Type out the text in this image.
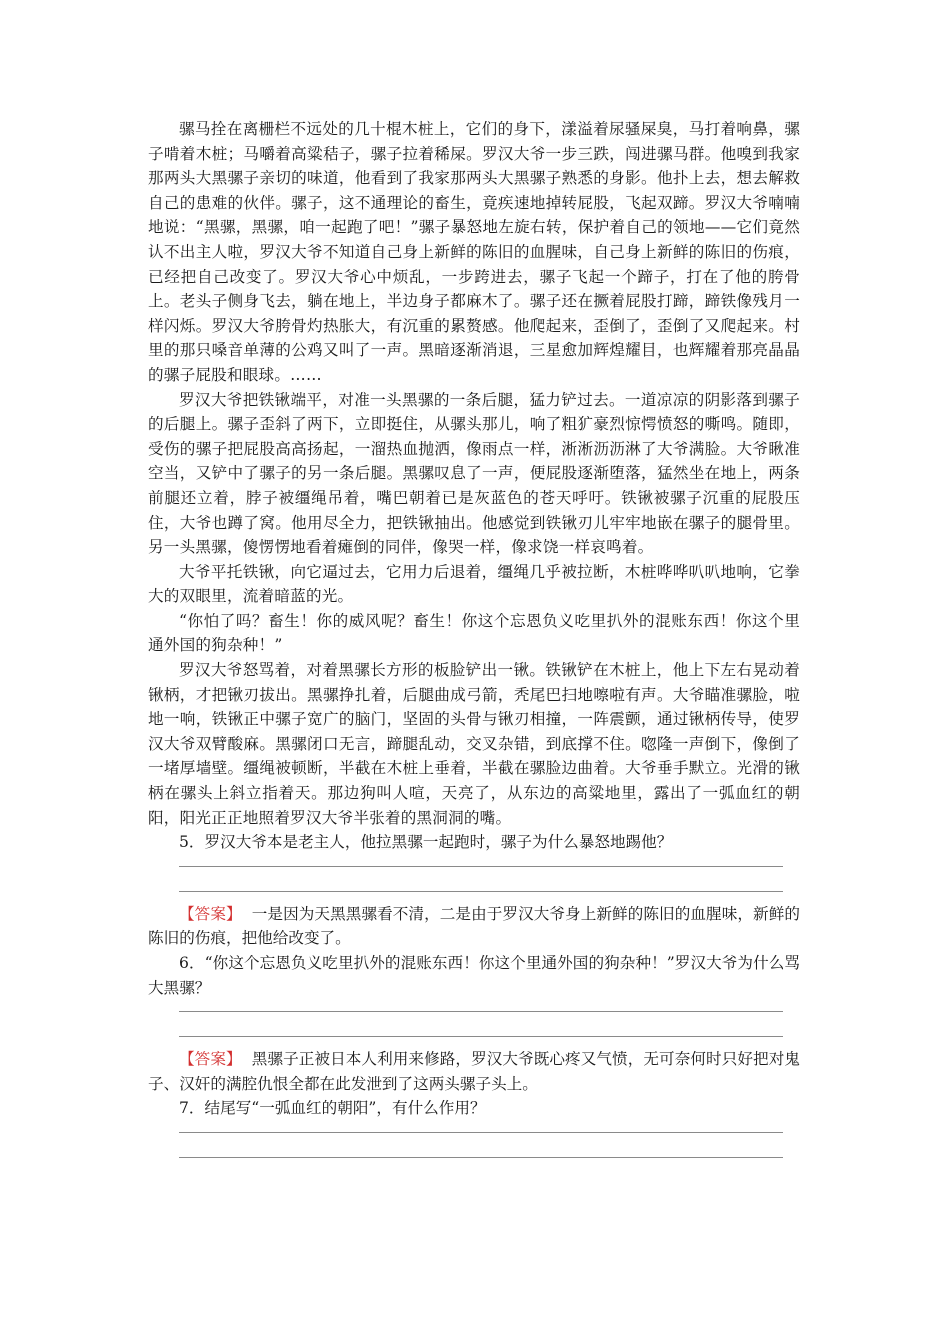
骡马拴在离栅栏不远处的几十棍木桩上，它们的身下，漾溢着尿骚屎臭，马打着响鼻，骡子啃着木桩；马嚼着高粱秸子，骡子拉着稀屎。罗汉大爷一步三跌，闯进骡马群。他嗅到我家那两头大黑骡子亲切的味道，他看到了我家那两头大黑骡子熟悉的身影。他扑上去，想去解救自己的患难的伙伴。骡子，这不通理论的畜生，竟疾速地掉转屁股，飞起双蹄。罗汉大爷喃喃地说：“黑骡，黑骡，咱一起跑了吧！”骡子暴怒地左旋右转，保护着自己的领地——它们竟然认不出主人啦，罗汉大爷不知道自己身上新鲜的陈旧的血腥味，自己身上新鲜的陈旧的伤痕，已经把自己改变了。罗汉大爷心中烦乱，一步跨进去，骡子飞起一个蹄子，打在了他的胯骨上。老头子侧身飞去，躺在地上，半边身子都麻木了。骡子还在撅着屁股打蹄，蹄铁像残月一样闪烁。罗汉大爷胯骨灼热胀大，有沉重的累赘感。他爬起来，歪倒了，歪倒了又爬起来。村里的那只嗓音单薄的公鸡又叫了一声。黑暗逐渐消退，三星愈加辉煌耀目，也辉耀着那亮晶晶的骡子屁股和眼球。……

罗汉大爷把铁锹端平，对准一头黑骡的一条后腿，猛力铲过去。一道凉凉的阴影落到骡子的后腿上。骡子歪斜了两下，立即挺住，从骡头那儿，响了粗犷豪烈惊愕愤怒的嘶鸣。随即，受伤的骡子把屁股高高扬起，一溜热血抛洒，像雨点一样，淅淅沥沥淋了大爷满脸。大爷瞅准空当，又铲中了骡子的另一条后腿。黑骡叹息了一声，便屁股逐渐堕落，猛然坐在地上，两条前腿还立着，脖子被缰绳吊着，嘴巴朝着已是灰蓝色的苍天呼吁。铁锹被骡子沉重的屁股压住，大爷也蹲了窝。他用尽全力，把铁锹抽出。他感觉到铁锹刃儿牢牢地嵌在骡子的腿骨里。另一头黑骡，傻愣愣地看着瘫倒的同伴，像哭一样，像求饶一样哀鸣着。

大爷平托铁锹，向它逼过去，它用力后退着，缰绳几乎被拉断，木桩哗哗叭叭地响，它拳大的双眼里，流着暗蓝的光。

“你怕了吗？畜生！你的威风呢？畜生！你这个忘恩负义吃里扒外的混账东西！你这个里通外国的狗杂种！”

罗汉大爷怒骂着，对着黑骡长方形的板脸铲出一锹。铁锹铲在木桩上，他上下左右晃动着锹柄，才把锹刃拔出。黑骡挣扎着，后腿曲成弓箭，秃尾巴扫地嚓啦有声。大爷瞄准骡脸，啦地一响，铁锹正中骡子宽广的脑门，坚固的头骨与锹刃相撞，一阵震颤，通过锹柄传导，使罗汉大爷双臂酸麻。黑骡闭口无言，蹄腿乱动，交叉杂错，到底撑不住。唿隆一声倒下，像倒了一堵厚墙壁。缰绳被顿断，半截在木桩上垂着，半截在骡脸边曲着。大爷垂手默立。光滑的锹柄在骡头上斜立指着天。那边狗叫人喧，天亮了，从东边的高粱地里，露出了一弧血红的朝阳，阳光正正地照着罗汉大爷半张着的黑洞洞的嘴。

5．罗汉大爷本是老主人，他拉黑骡一起跑时，骡子为什么暴怒地踢他？

【答案】 一是因为天黑黑骡看不清，二是由于罗汉大爷身上新鲜的陈旧的血腥味，新鲜的陈旧的伤痕，把他给改变了。

6．“你这个忘恩负义吃里扒外的混账东西！你这个里通外国的狗杂种！”罗汉大爷为什么骂大黑骡？

【答案】 黑骡子正被日本人利用来修路，罗汉大爷既心疼又气愤，无可奈何时只好把对鬼子、汉奸的满腔仇恨全都在此发泄到了这两头骡子头上。

7．结尾写“一弧血红的朝阳”，有什么作用？
